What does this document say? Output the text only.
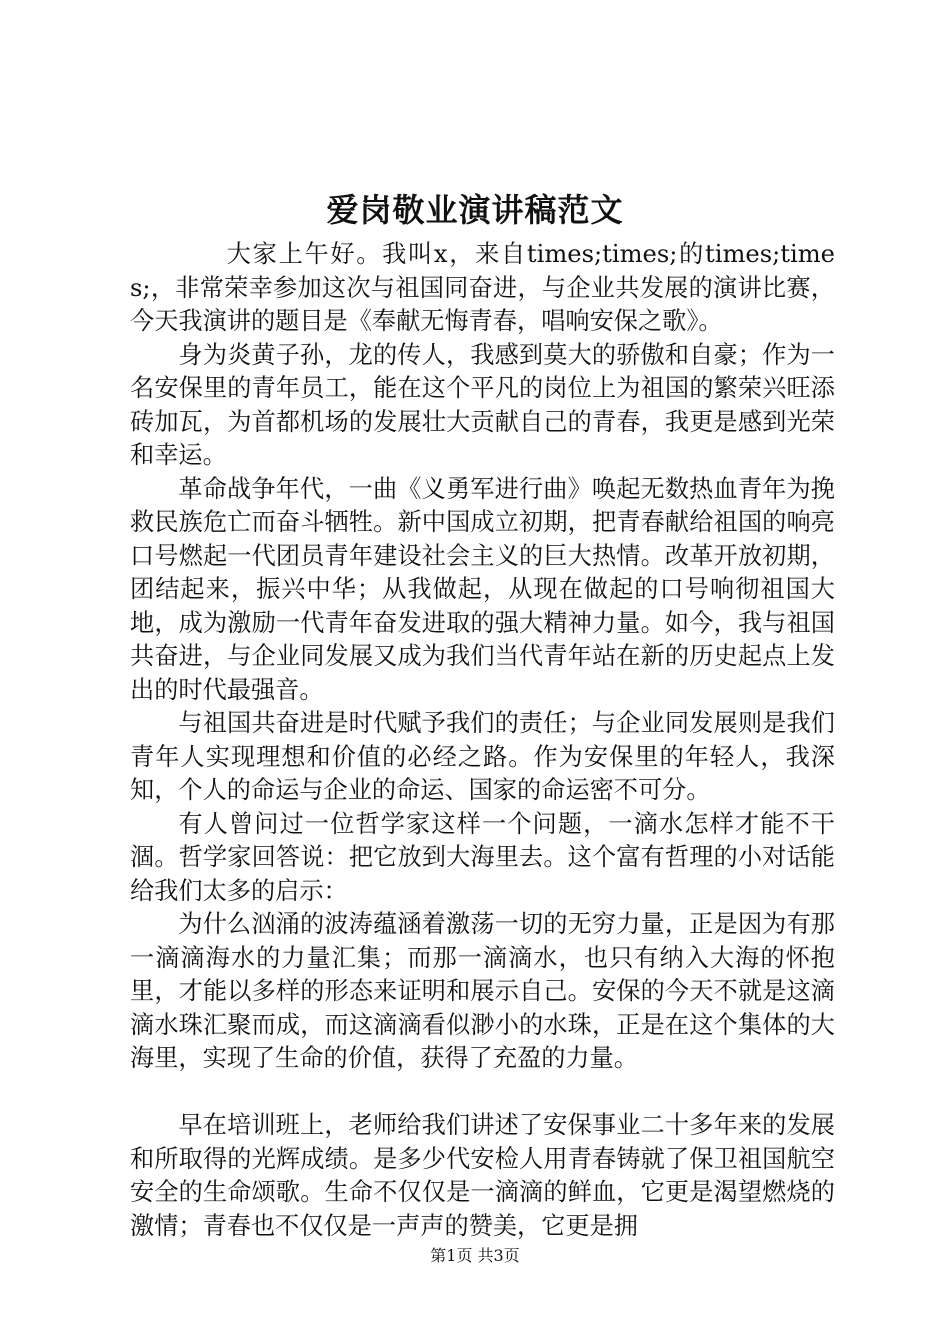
爱岗敬业演讲稿范文

大家上午好。我叫x，来自times;times;的times;times;，非常荣幸参加这次与祖国同奋进，与企业共发展的演讲比赛，今天我演讲的题目是《奉献无悔青春，唱响安保之歌》。

身为炎黄子孙，龙的传人，我感到莫大的骄傲和自豪；作为一名安保里的青年员工，能在这个平凡的岗位上为祖国的繁荣兴旺添砖加瓦，为首都机场的发展壮大贡献自己的青春，我更是感到光荣和幸运。

革命战争年代，一曲《义勇军进行曲》唤起无数热血青年为挽救民族危亡而奋斗牺牲。新中国成立初期，把青春献给祖国的响亮口号燃起一代团员青年建设社会主义的巨大热情。改革开放初期，团结起来，振兴中华；从我做起，从现在做起的口号响彻祖国大地，成为激励一代青年奋发进取的强大精神力量。如今，我与祖国共奋进，与企业同发展又成为我们当代青年站在新的历史起点上发出的时代最强音。

与祖国共奋进是时代赋予我们的责任；与企业同发展则是我们青年人实现理想和价值的必经之路。作为安保里的年轻人，我深知，个人的命运与企业的命运、国家的命运密不可分。

有人曾问过一位哲学家这样一个问题，一滴水怎样才能不干涸。哲学家回答说：把它放到大海里去。这个富有哲理的小对话能给我们太多的启示：

为什么汹涌的波涛蕴涵着激荡一切的无穷力量，正是因为有那一滴滴海水的力量汇集；而那一滴滴水，也只有纳入大海的怀抱里，才能以多样的形态来证明和展示自己。安保的今天不就是这滴滴水珠汇聚而成，而这滴滴看似渺小的水珠，正是在这个集体的大海里，实现了生命的价值，获得了充盈的力量。

早在培训班上，老师给我们讲述了安保事业二十多年来的发展和所取得的光辉成绩。是多少代安检人用青春铸就了保卫祖国航空安全的生命颂歌。生命不仅仅是一滴滴的鲜血，它更是渴望燃烧的激情；青春也不仅仅是一声声的赞美，它更是拥

第1页 共3页
